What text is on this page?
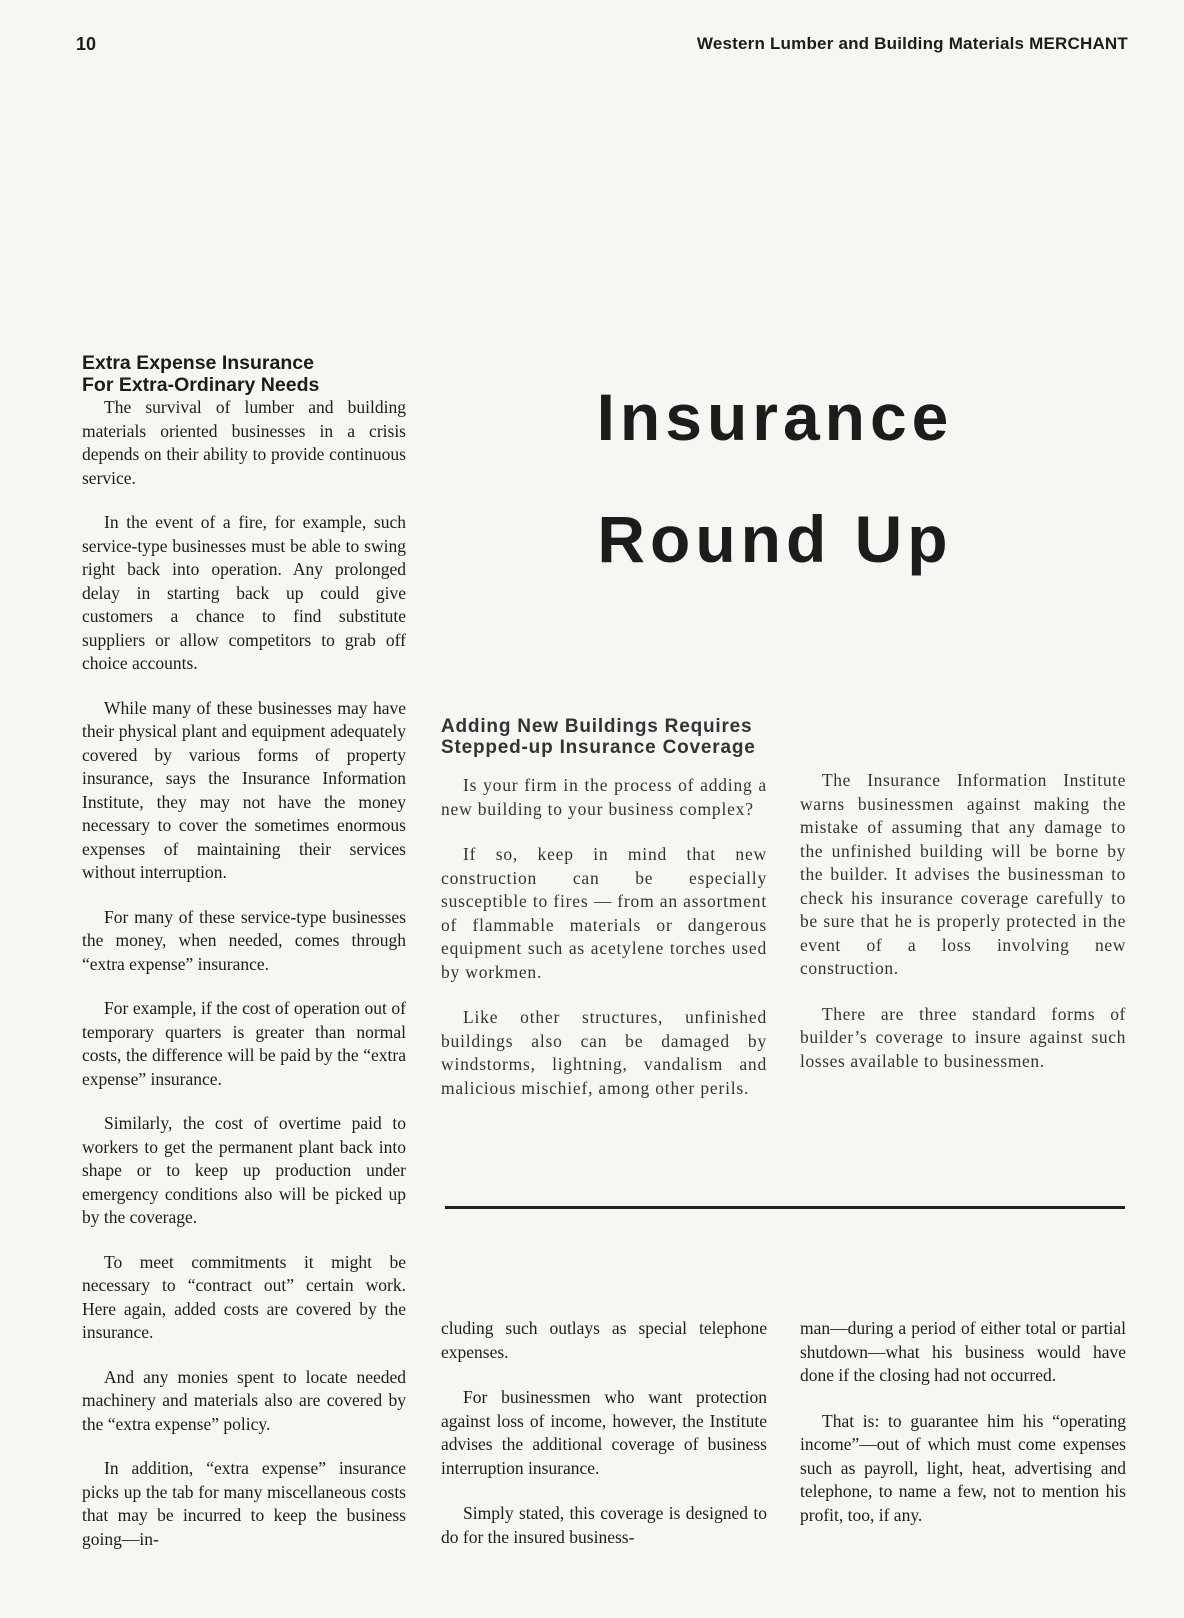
10	Western Lumber and Building Materials MERCHANT
Extra Expense Insurance
For Extra-Ordinary Needs

The survival of lumber and building materials oriented businesses in a crisis depends on their ability to provide continuous service.

In the event of a fire, for example, such service-type businesses must be able to swing right back into operation. Any prolonged delay in starting back up could give customers a chance to find substitute suppliers or allow competitors to grab off choice accounts.

While many of these businesses may have their physical plant and equipment adequately covered by various forms of property insurance, says the Insurance Information Institute, they may not have the money necessary to cover the sometimes enormous expenses of maintaining their services without interruption.

For many of these service-type businesses the money, when needed, comes through “extra expense” insurance.

For example, if the cost of operation out of temporary quarters is greater than normal costs, the difference will be paid by the “extra expense” insurance.

Similarly, the cost of overtime paid to workers to get the permanent plant back into shape or to keep up production under emergency conditions also will be picked up by the coverage.

To meet commitments it might be necessary to “contract out” certain work. Here again, added costs are covered by the insurance.

And any monies spent to locate needed machinery and materials also are covered by the “extra expense” policy.

In addition, “extra expense” insurance picks up the tab for many miscellaneous costs that may be incurred to keep the business going—in-

Insurance
Round Up
Adding New Buildings Requires
Stepped-up Insurance Coverage

Is your firm in the process of adding a new building to your business complex?

If so, keep in mind that new construction can be especially susceptible to fires — from an assortment of flammable materials or dangerous equipment such as acetylene torches used by workmen.

Like other structures, unfinished buildings also can be damaged by windstorms, lightning, vandalism and malicious mischief, among other perils.

The Insurance Information Institute warns businessmen against making the mistake of assuming that any damage to the unfinished building will be borne by the builder. It advises the businessman to check his insurance coverage carefully to be sure that he is properly protected in the event of a loss involving new construction.

There are three standard forms of builder’s coverage to insure against such losses available to businessmen.

cluding such outlays as special telephone expenses.

For businessmen who want protection against loss of income, however, the Institute advises the additional coverage of business interruption insurance.

Simply stated, this coverage is designed to do for the insured business-

man—during a period of either total or partial shutdown—what his business would have done if the closing had not occurred.

That is: to guarantee him his “operating income”—out of which must come expenses such as payroll, light, heat, advertising and telephone, to name a few, not to mention his profit, too, if any.
